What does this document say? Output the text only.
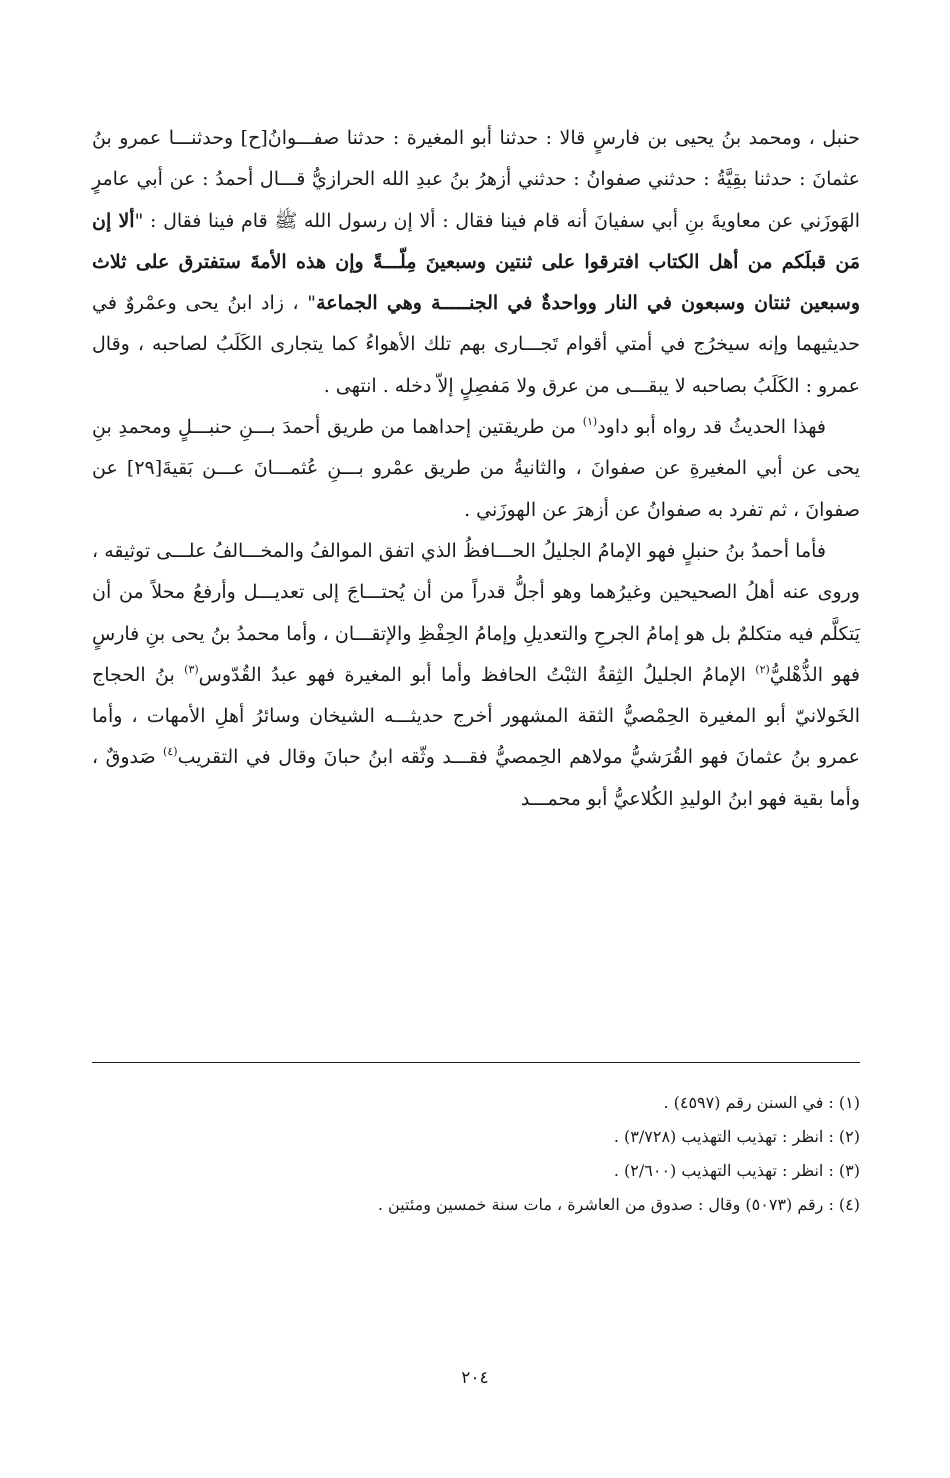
حنبل ، ومحمد بنُ يحيى بن فارسٍ قالا : حدثنا أبو المغيرة : حدثنا صفـــوانُ[ح] وحدثنـــا عمرو بنُ عثمانَ : حدثنا بقِيَّةُ : حدثني صفوانُ : حدثني أزهرُ بنُ عبدِ الله الحرازيُّ قـــال أحمدُ : عن أبي عامرٍ الهَوزَني عن معاويةَ بنِ أبي سفيانَ أنه قام فينا فقال : ألا إن رسول الله ﷺ قام فينا فقال : "ألا إن مَن قبلَكم من أهل الكتاب افترقوا على ثنتين وسبعينَ مِلّـــةً وإن هذه الأمةَ ستفترق على ثلاث وسبعين ثنتان وسبعون في النار وواحدةٌ في الجنـــــة وهي الجماعة" ، زاد ابنُ يحى وعمْروٌ في حديثيهما وإنه سيخرُج في أمتي أقوام تَجـــارى بهم تلك الأهواءُ كما يتجارى الكَلَبُ لصاحبه ، وقال عمرو : الكَلَبُ بصاحبه لا يبقـــى من عرق ولا مَفصِلٍ إلاّ دخله . انتهى .

فهذا الحديثُ قد رواه أبو داود$^{(١)}$ من طريقتين إحداهما من طريق أحمدَ بـــنِ حنبـــلٍ ومحمدِ بنِ يحى عن أبي المغيرةِ عن صفوانَ ، والثانيةُ من طريق عمْرو بـــنِ عُثمـــانَ عـــن بَقيةَ[٢٩] عن صفوانَ ، ثم تفرد به صفوانُ عن أزهرَ عن الهوزَني .

فأما أحمدُ بنُ حنبلٍ فهو الإمامُ الجليلُ الحـــافظُ الذي اتفق الموالفُ والمخـــالفُ علـــى توثيقه ، وروى عنه أهلُ الصحيحين وغيرُهما وهو أجلُّ قدراً من أن يُحتـــاجَ إلى تعديـــل وأرفعُ محلاً من أن يَتكلَّم فيه متكلمٌ بل هو إمامُ الجرحِ والتعديلِ وإمامُ الحِفْظِ والإتقـــان ، وأما محمدُ بنُ يحى بنِ فارسٍ فهو الذُّهْليُّ$^{(٢)}$ الإمامُ الجليلُ الثِقةُ الثبْتُ الحافظ وأما أبو المغيرة فهو عبدُ القُدّوس$^{(٣)}$ بنُ الحجاج الخَولانيّ أبو المغيرة الحِمْصيُّ الثقة المشهور أخرج حديثـــه الشيخان وسائرُ أهلِ الأمهات ، وأما عمرو بنُ عثمانَ فهو القُرَشيُّ مولاهم الحِمصيُّ فقـــد وثّقه ابنُ حبانَ وقال في التقريب$^{(٤)}$ صَدوقٌ ، وأما بقية فهو ابنُ الوليدِ الكُلاعيُّ أبو محمـــد

(١) : في السنن رقم (٤٥٩٧) .

(٢) : انظر : تهذيب التهذيب (٣/٧٢٨) .

(٣) : انظر : تهذيب التهذيب (٢/٦٠٠) .

(٤) : رقم (٥٠٧٣) وقال : صدوق من العاشرة ، مات سنة خمسين ومئتين .

٢٠٤
